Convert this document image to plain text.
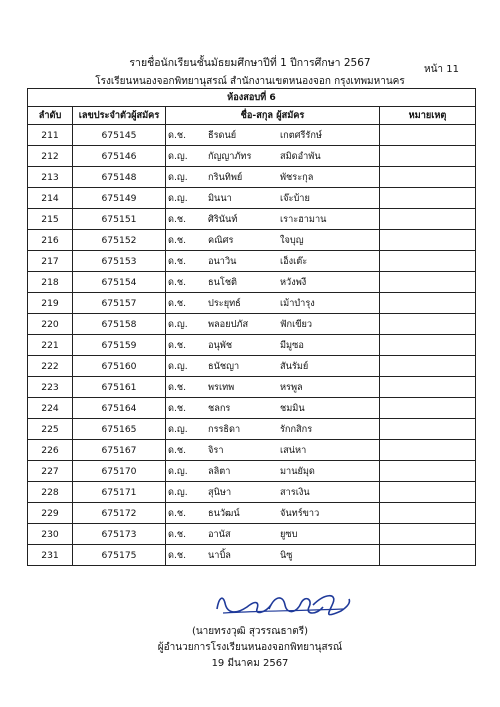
รายชื่อนักเรียนชั้นมัธยมศึกษาปีที่ 1 ปีการศึกษา 2567
หน้า 11
โรงเรียนหนองจอกพิทยานุสรณ์ สำนักงานเขตหนองจอก กรุงเทพมหานคร
ห้องสอบที่ 6			
ลำดับ	เลขประจำตัวผู้สมัคร	ชื่อ-สกุล ผู้สมัคร	หมายเหตุ
211	675145	ด.ช. ธีรดนย์ เกตศรีรักษ์	

212	675146	ด.ญ. กัญญาภัทร สมิดอำพัน	

213	675148	ด.ญ. กรินทิพย์ พัชระกุล	

214	675149	ด.ญ. มินนา เจ๊ะบ้าย	

215	675151	ด.ช. ศิรินันท์ เราะฮามาน	

216	675152	ด.ช. คณิศร ใจบุญ	

217	675153	ด.ช. อนาวิน เอ็งเต๊ะ	

218	675154	ด.ช. ธนโชติ หวังพงี	

219	675157	ด.ช. ประยุทธ์ เม้าบำรุง	

220	675158	ด.ญ. พลอยปภัส ฟักเขียว	

221	675159	ด.ช. อนุพัช มีมูซอ	

222	675160	ด.ญ. ธนัชญา สันรัมย์	

223	675161	ด.ช. พรเทพ หรพูล	

224	675164	ด.ช. ชลกร ชมมิน	

225	675165	ด.ญ. กรรธิดา รักกสิกร	

226	675167	ด.ช. จิรา เสน่หา	

227	675170	ด.ญ. ลลิตา มานยัมุด	

228	675171	ด.ญ. สุนิษา สารเงิน	

229	675172	ด.ช. ธนวัฒน์ จันทร์ขาว	

230	675173	ด.ช. อานัส ยูซบ	

231	675175	ด.ช. นาบิ้ล นิซู	

(นายทรงวุฒิ สุวรรณธาตรี)
ผู้อำนวยการโรงเรียนหนองจอกพิทยานุสรณ์
19 มีนาคม 2567
